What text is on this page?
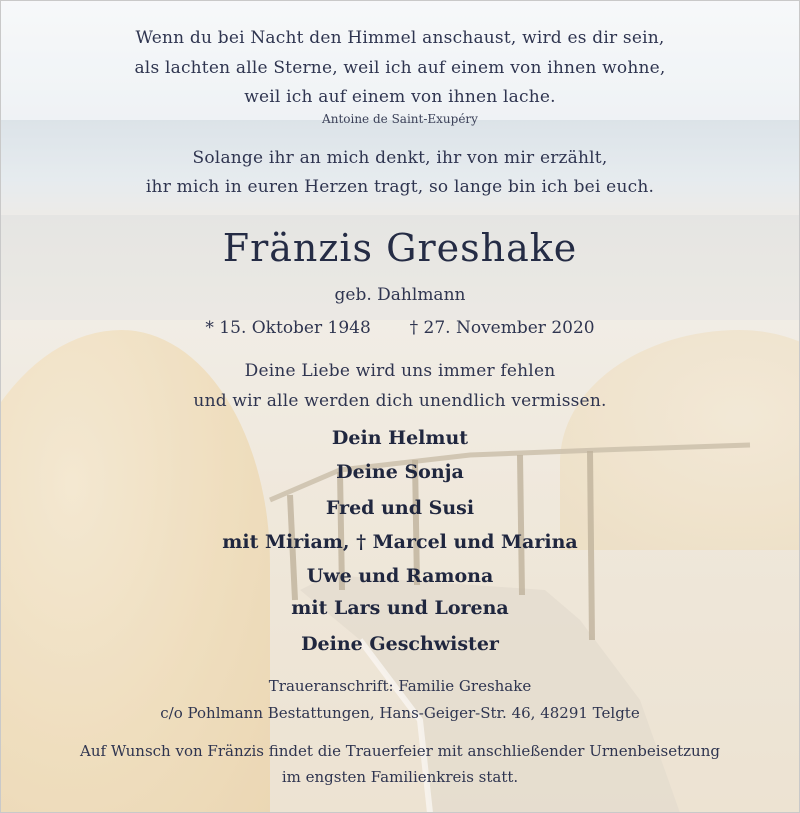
Wenn du bei Nacht den Himmel anschaust, wird es dir sein,
als lachten alle Sterne, weil ich auf einem von ihnen wohne,
weil ich auf einem von ihnen lache.
Antoine de Saint-Exupéry
Solange ihr an mich denkt, ihr von mir erzählt,
ihr mich in euren Herzen tragt, so lange bin ich bei euch.
Fränzis Greshake
geb. Dahlmann
* 15. Oktober 1948 † 27. November 2020
Deine Liebe wird uns immer fehlen
und wir alle werden dich unendlich vermissen.
Dein Helmut
Deine Sonja
Fred und Susi
mit Miriam, † Marcel und Marina
Uwe und Ramona
mit Lars und Lorena
Deine Geschwister
Traueranschrift: Familie Greshake
c/o Pohlmann Bestattungen, Hans-Geiger-Str. 46, 48291 Telgte
Auf Wunsch von Fränzis findet die Trauerfeier mit anschließender Urnenbeisetzung
im engsten Familienkreis statt.
